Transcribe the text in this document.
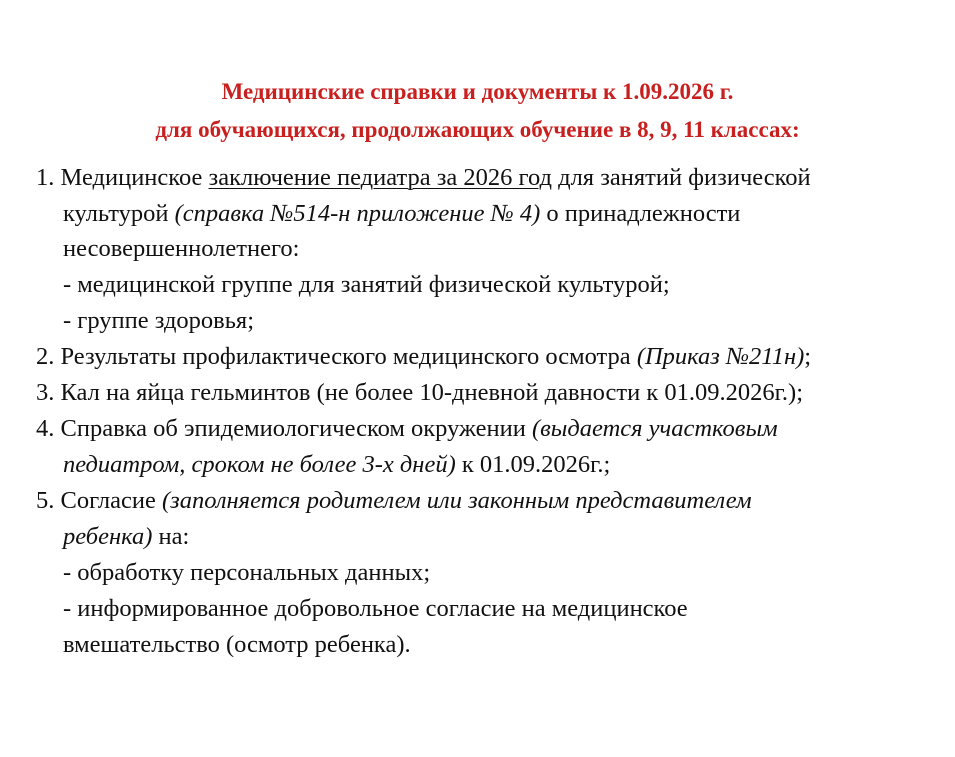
Медицинские справки и документы к 1.09.2026 г.
для обучающихся, продолжающих обучение в 8, 9, 11 классах:
1. Медицинское заключение педиатра за 2026 год для занятий физической
культурой (справка №514-н приложение № 4) о принадлежности
несовершеннолетнего:
- медицинской группе для занятий физической культурой;
- группе здоровья;
2. Результаты профилактического медицинского осмотра (Приказ №211н);
3. Кал на яйца гельминтов (не более 10-дневной давности к 01.09.2026г.);
4. Справка об эпидемиологическом окружении (выдается участковым
педиатром, сроком не более 3-х дней) к 01.09.2026г.;
5. Согласие (заполняется родителем или законным представителем
ребенка) на:
- обработку персональных данных;
- информированное добровольное согласие на медицинское
вмешательство (осмотр ребенка).
